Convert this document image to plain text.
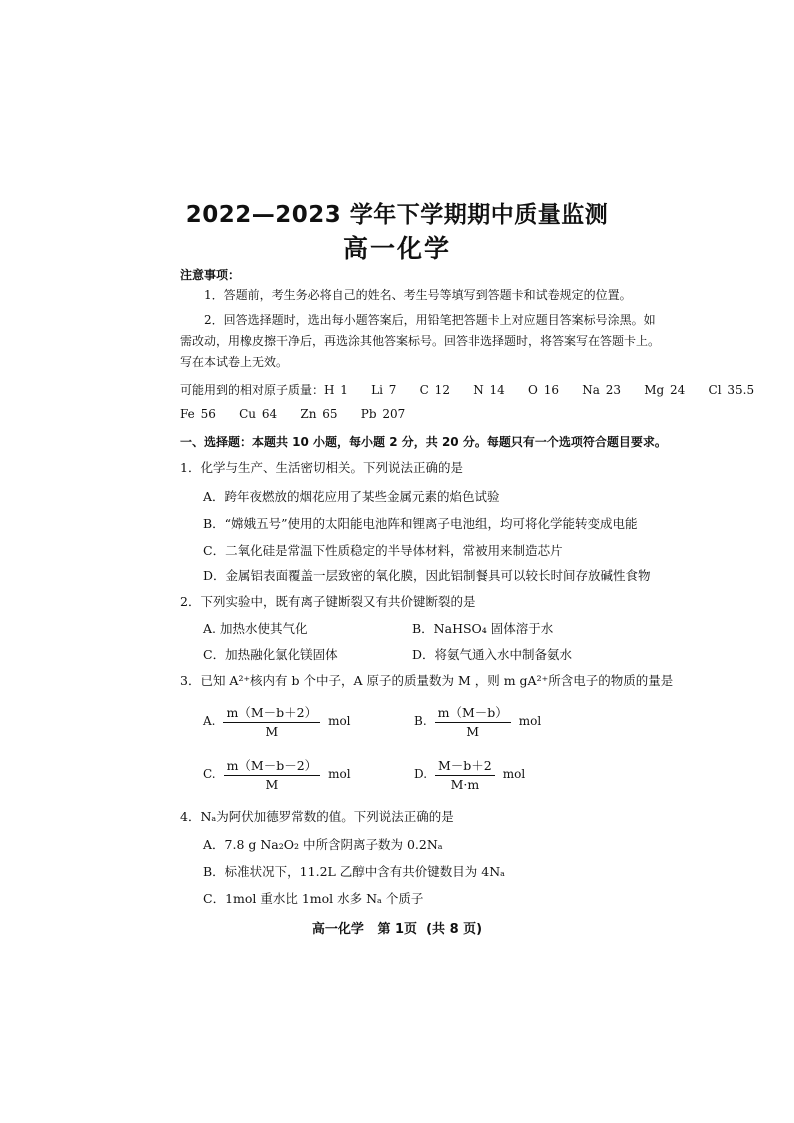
2022—2023 学年下学期期中质量监测
高一化学
注意事项：
1．答题前，考生务必将自己的姓名、考生号等填写到答题卡和试卷规定的位置。
2．回答选择题时，选出每小题答案后，用铅笔把答题卡上对应题目答案标号涂黑。如需改动，用橡皮擦干净后，再选涂其他答案标号。回答非选择题时，将答案写在答题卡上。写在本试卷上无效。
可能用到的相对原子质量：H 1    Li 7    C 12    N 14    O 16    Na 23    Mg 24    Cl 35.5
Fe 56    Cu 64    Zn 65    Pb 207
一、选择题：本题共 10 小题，每小题 2 分，共 20 分。每题只有一个选项符合题目要求。
1．化学与生产、生活密切相关。下列说法正确的是
A．跨年夜燃放的烟花应用了某些金属元素的焰色试验
B．“嫦娥五号”使用的太阳能电池阵和锂离子电池组，均可将化学能转变成电能
C．二氧化硅是常温下性质稳定的半导体材料，常被用来制造芯片
D．金属铝表面覆盖一层致密的氧化膜，因此铝制餐具可以较长时间存放碱性食物
2．下列实验中，既有离子键断裂又有共价键断裂的是
A. 加热水使其气化	B．NaHSO₄ 固体溶于水
C．加热融化氯化镁固体	D．将氨气通入水中制备氨水
3．已知 A²⁺核内有 b 个中子，A 原子的质量数为 M ，则 m gA²⁺所含电子的物质的量是
A. $\frac{m(M-b+2)}{M}$ mol	B. $\frac{m(M-b)}{M}$ mol
C. $\frac{m(M-b-2)}{M}$ mol	D. $\frac{M-b+2}{M\cdot m}$ mol
4．Nₐ为阿伏加德罗常数的值。下列说法正确的是
A．7.8 g Na₂O₂ 中所含阴离子数为 0.2Nₐ
B．标准状况下，11.2L 乙醇中含有共价键数目为 4Nₐ
C．1mol 重水比 1mol 水多 Nₐ 个质子
高一化学   第 1页  (共 8 页)
